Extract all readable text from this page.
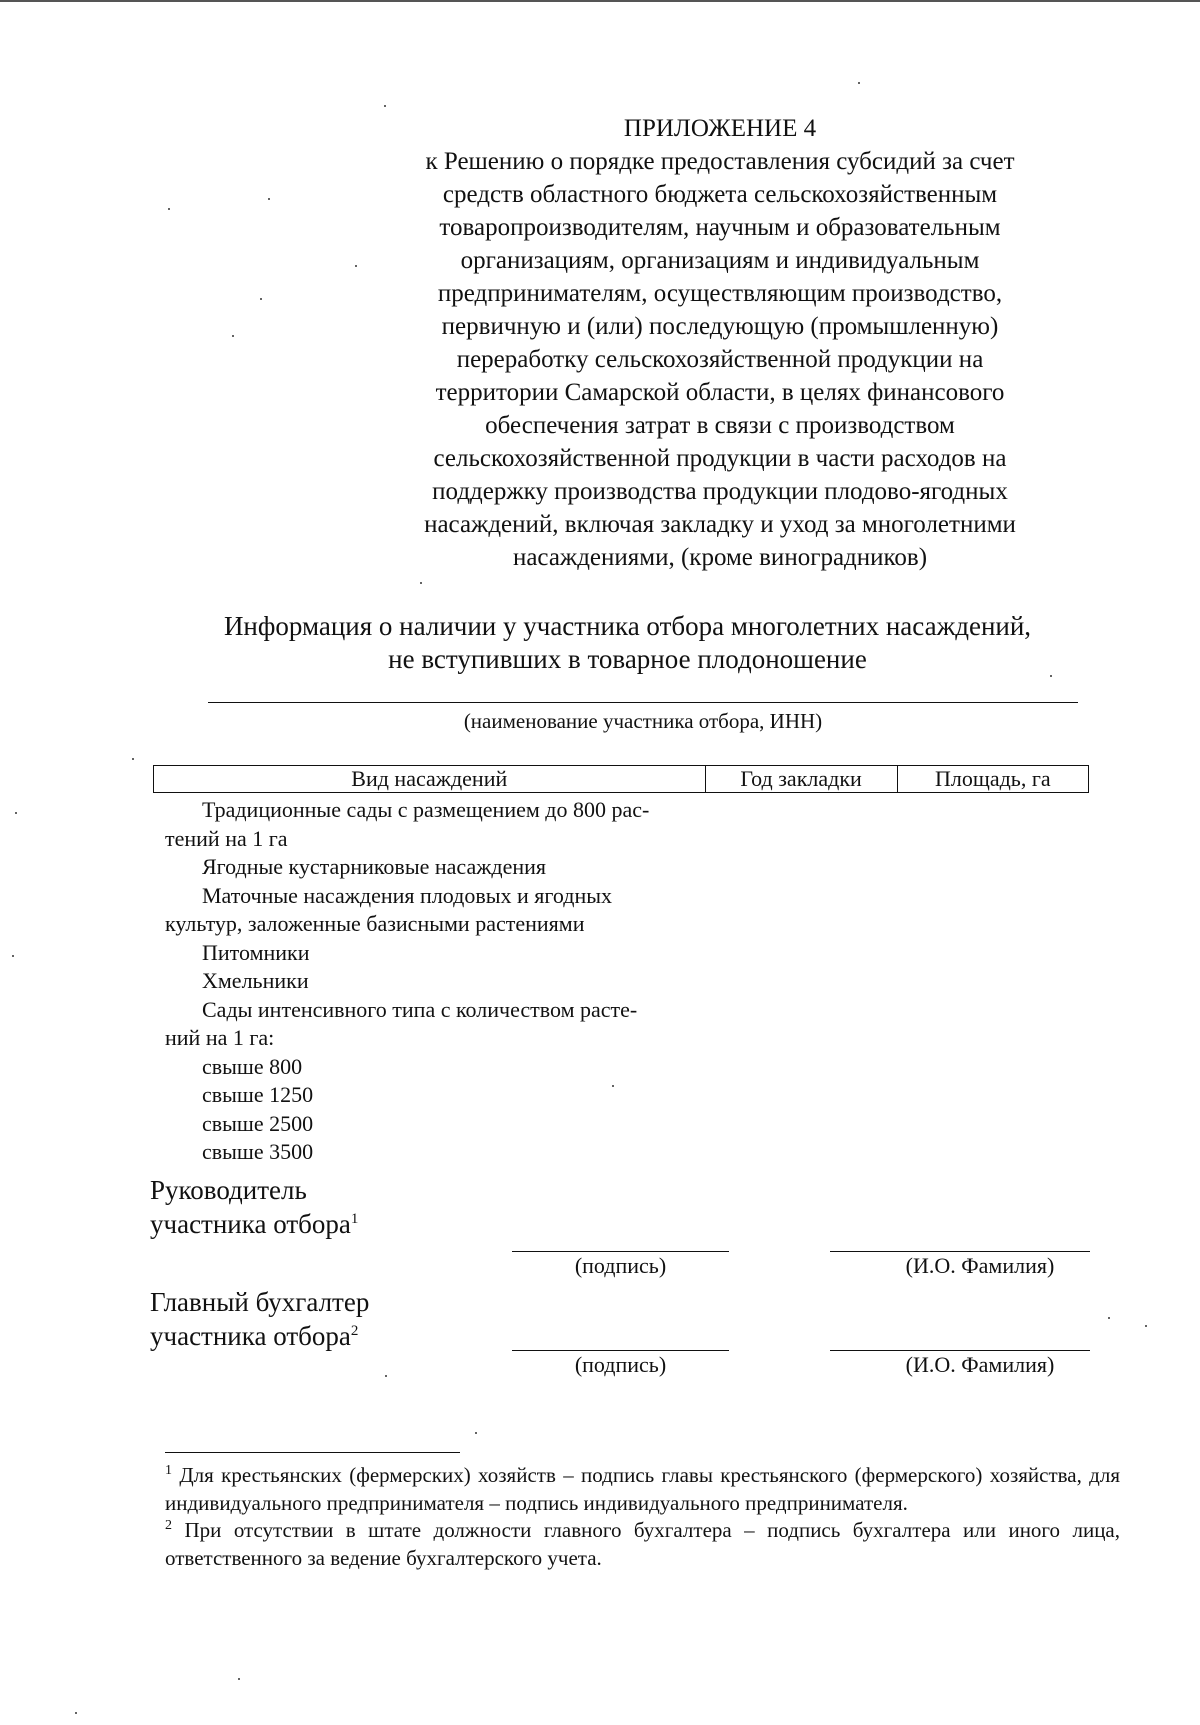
ПРИЛОЖЕНИЕ 4
к Решению о порядке предоставления субсидий за счет
средств областного бюджета сельскохозяйственным
товаропроизводителям, научным и образовательным
организациям, организациям и индивидуальным
предпринимателям, осуществляющим производство,
первичную и (или) последующую (промышленную)
переработку сельскохозяйственной продукции на
территории Самарской области, в целях финансового
обеспечения затрат в связи с производством
сельскохозяйственной продукции в части расходов на
поддержку производства продукции плодово-ягодных
насаждений, включая закладку и уход за многолетними
насаждениями, (кроме виноградников)
Информация о наличии у участника отбора многолетних насаждений,
не вступивших в товарное плодоношение
(наименование участника отбора, ИНН)
Вид насаждений	Год закладки	Площадь, га
Традиционные сады с размещением до 800 рас-
тений на 1 га
Ягодные кустарниковые насаждения
Маточные насаждения плодовых и ягодных
культур, заложенные базисными растениями
Питомники
Хмельники
Сады интенсивного типа с количеством расте-
ний на 1 га:
свыше 800
свыше 1250
свыше 2500
свыше 3500
Руководитель
участника отбора$^1$
(подпись)	(И.О. Фамилия)
Главный бухгалтер
участника отбора$^2$
(подпись)	(И.О. Фамилия)
$^1$ Для крестьянских (фермерских) хозяйств – подпись главы крестьянского (фермерского) хозяйства, для индивидуального предпринимателя – подпись индивидуального предпринимателя.
$^2$ При отсутствии в штате должности главного бухгалтера – подпись бухгалтера или иного лица, ответственного за ведение бухгалтерского учета.
